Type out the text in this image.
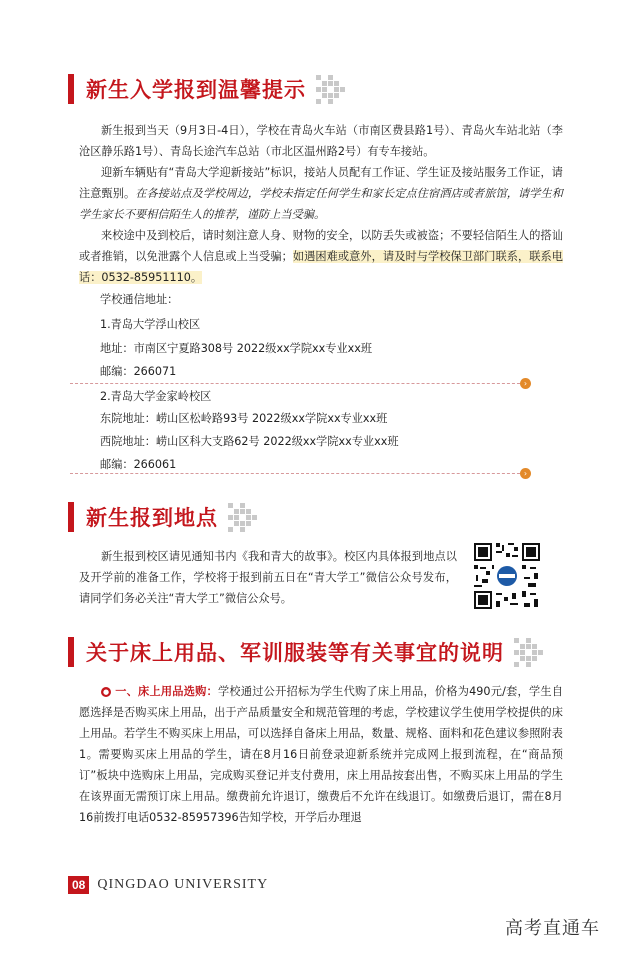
新生入学报到温馨提示

新生报到当天（9月3日-4日），学校在青岛火车站（市南区费县路1号）、青岛火车站北站（李沧区静乐路1号）、青岛长途汽车总站（市北区温州路2号）有专车接站。

迎新车辆贴有“青岛大学迎新接站”标识，接站人员配有工作证、学生证及接站服务工作证，请注意甄别。在各接站点及学校周边，学校未指定任何学生和家长定点住宿酒店或者旅馆，请学生和学生家长不要相信陌生人的推荐，谨防上当受骗。

来校途中及到校后，请时刻注意人身、财物的安全，以防丢失或被盗；不要轻信陌生人的搭讪或者推销，以免泄露个人信息或上当受骗；如遇困难或意外，请及时与学校保卫部门联系，联系电话：0532-85951110。

学校通信地址：

1.青岛大学浮山校区

地址：市南区宁夏路308号 2022级xx学院xx专业xx班

邮编：266071

›

2.青岛大学金家岭校区

东院地址：崂山区松岭路93号 2022级xx学院xx专业xx班

西院地址：崂山区科大支路62号 2022级xx学院xx专业xx班

邮编：266061

›
新生报到地点

新生报到校区请见通知书内《我和青大的故事》。校区内具体报到地点以及开学前的准备工作，学校将于报到前五日在“青大学工”微信公众号发布，请同学们务必关注“青大学工”微信公众号。

关于床上用品、军训服装等有关事宜的说明

● 一、床上用品选购：学校通过公开招标为学生代购了床上用品，价格为490元/套，学生自愿选择是否购买床上用品，出于产品质量安全和规范管理的考虑，学校建议学生使用学校提供的床上用品。若学生不购买床上用品，可以选择自备床上用品，数量、规格、面料和花色建议参照附表1。需要购买床上用品的学生，请在8月16日前登录迎新系统并完成网上报到流程，在“商品预订”板块中选购床上用品，完成购买登记并支付费用，床上用品按套出售，不购买床上用品的学生在该界面无需预订床上用品。缴费前允许退订，缴费后不允许在线退订。如缴费后退订，需在8月16前拨打电话0532-85957396告知学校，开学后办理退

08 QINGDAO UNIVERSITY
高考直通车
